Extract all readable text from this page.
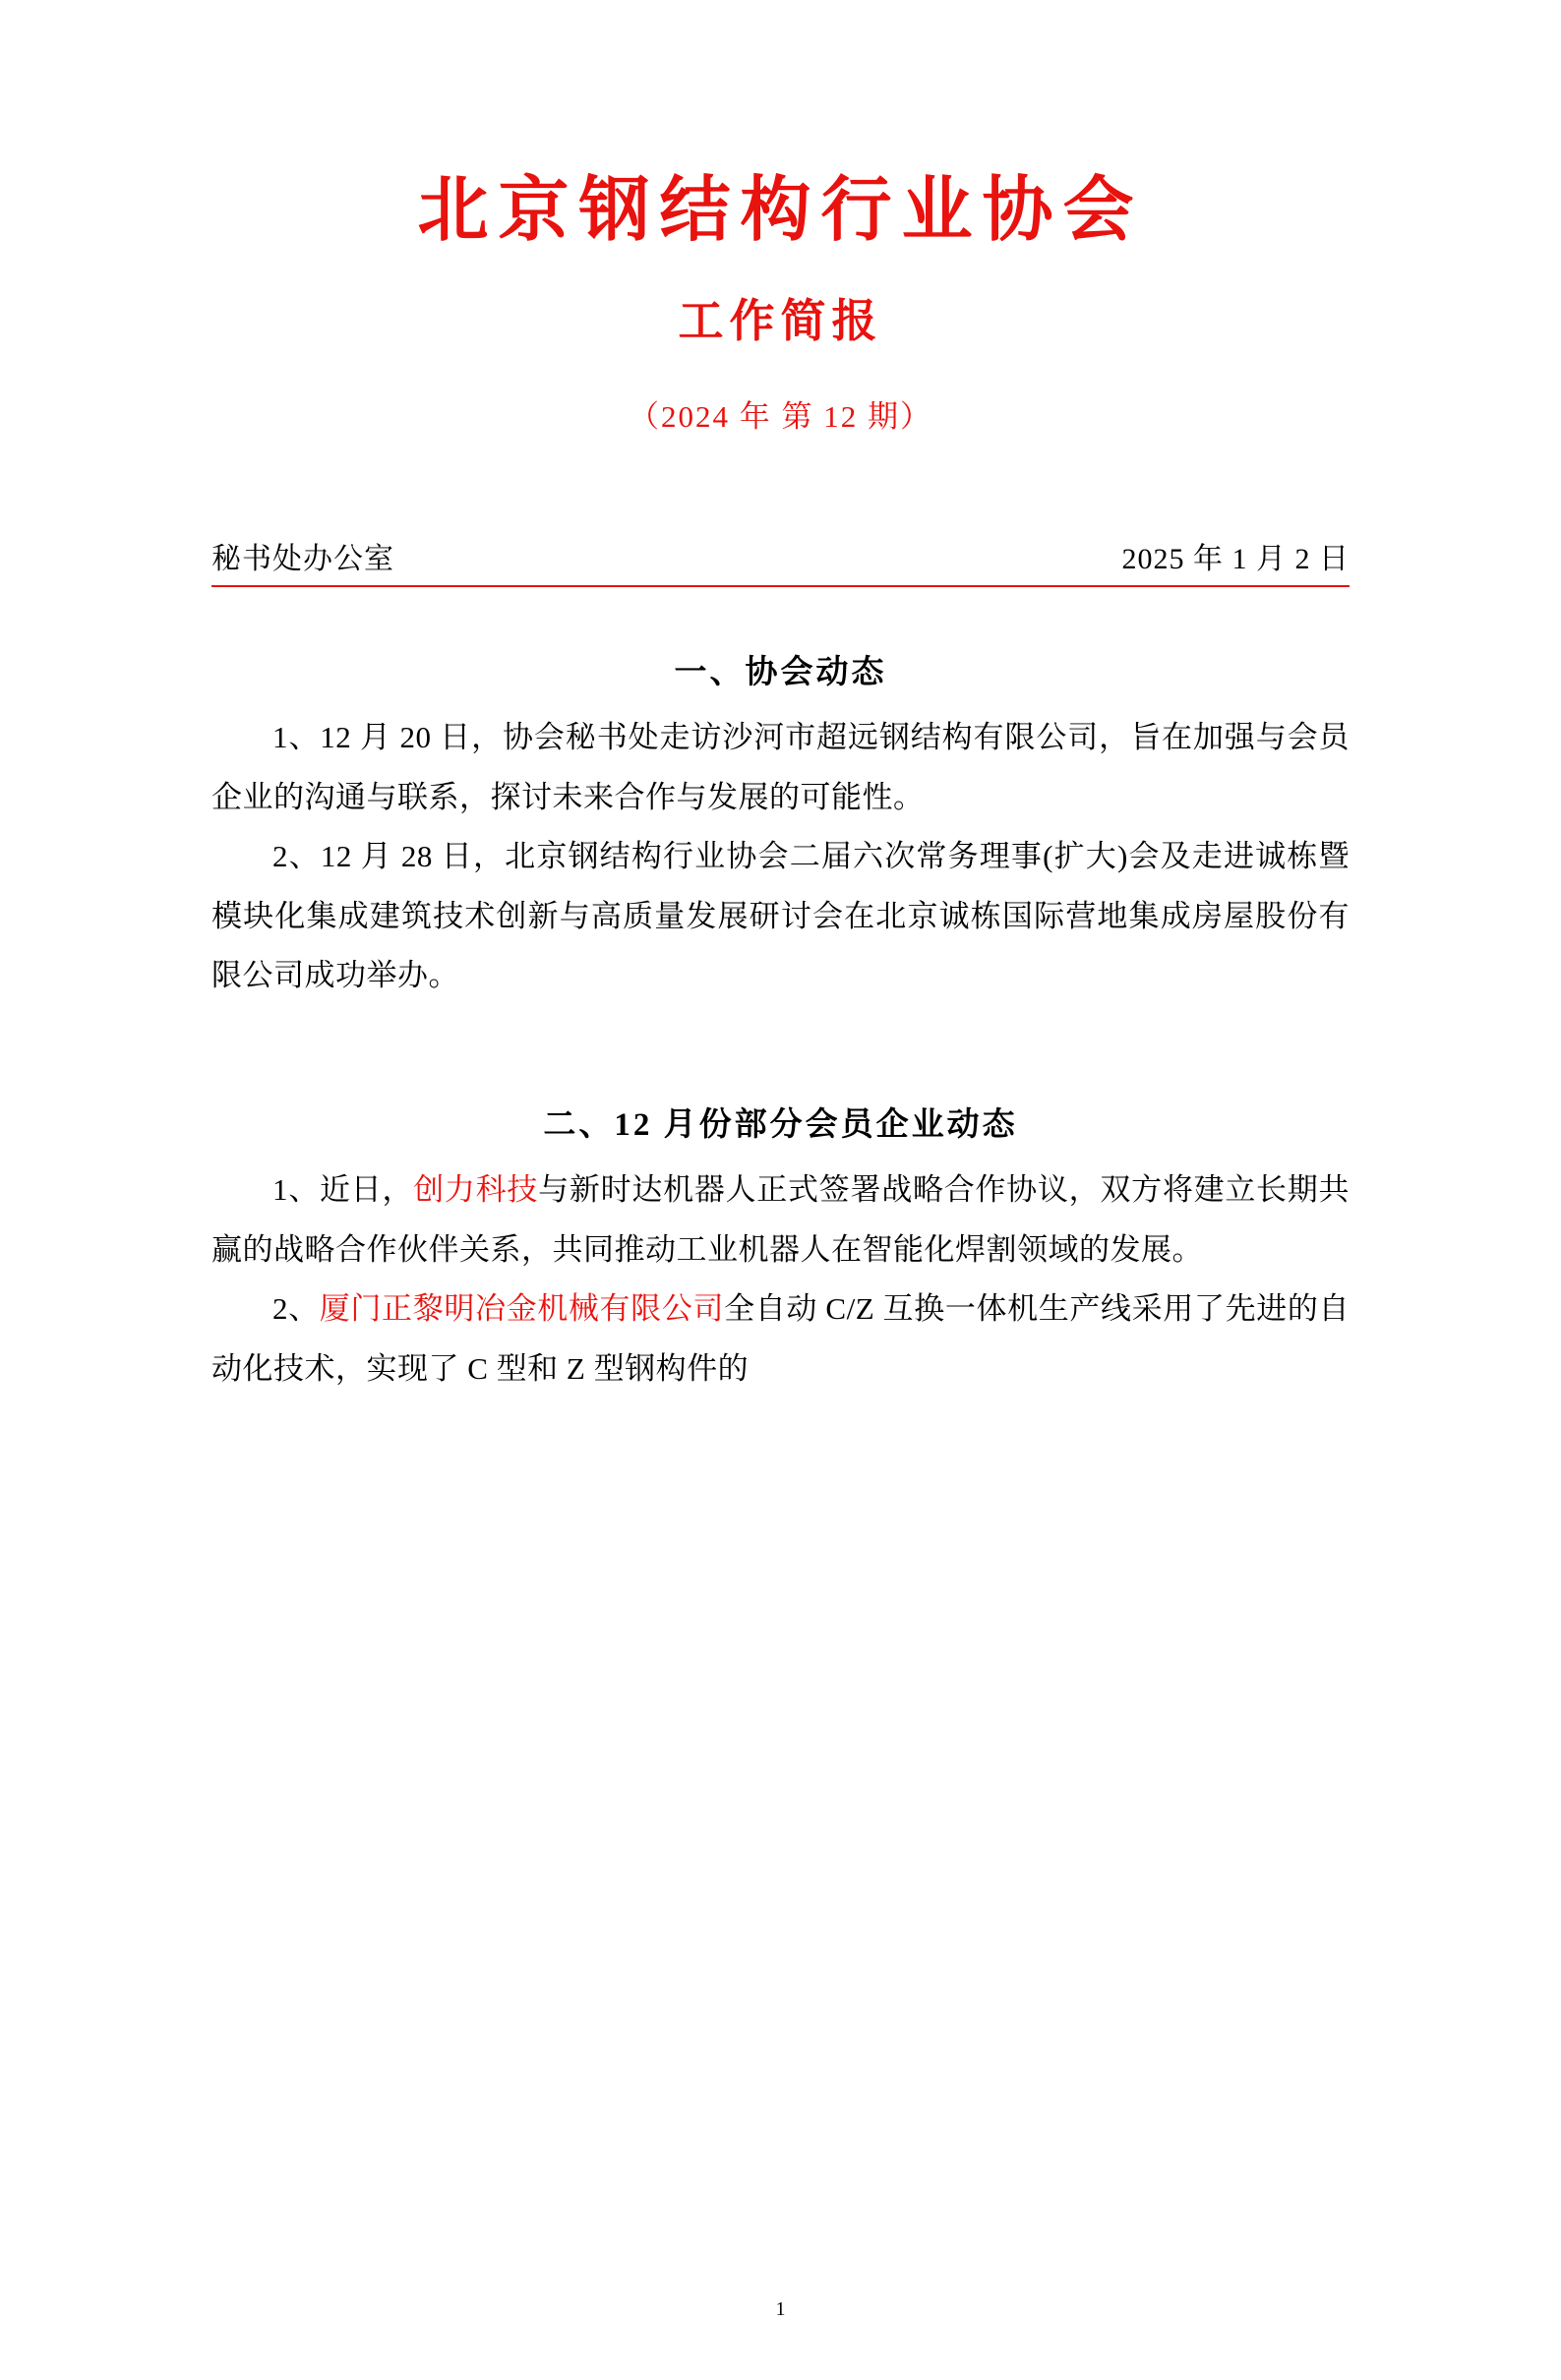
北京钢结构行业协会
工作简报
（2024 年 第 12 期）
秘书处办公室	2025 年 1 月 2 日
一、协会动态

1、12 月 20 日，协会秘书处走访沙河市超远钢结构有限公司，旨在加强与会员企业的沟通与联系，探讨未来合作与发展的可能性。

2、12 月 28 日，北京钢结构行业协会二届六次常务理事(扩大)会及走进诚栋暨模块化集成建筑技术创新与高质量发展研讨会在北京诚栋国际营地集成房屋股份有限公司成功举办。

二、12 月份部分会员企业动态

1、近日，创力科技与新时达机器人正式签署战略合作协议，双方将建立长期共赢的战略合作伙伴关系，共同推动工业机器人在智能化焊割领域的发展。

2、厦门正黎明冶金机械有限公司全自动 C/Z 互换一体机生产线采用了先进的自动化技术，实现了 C 型和 Z 型钢构件的

1
